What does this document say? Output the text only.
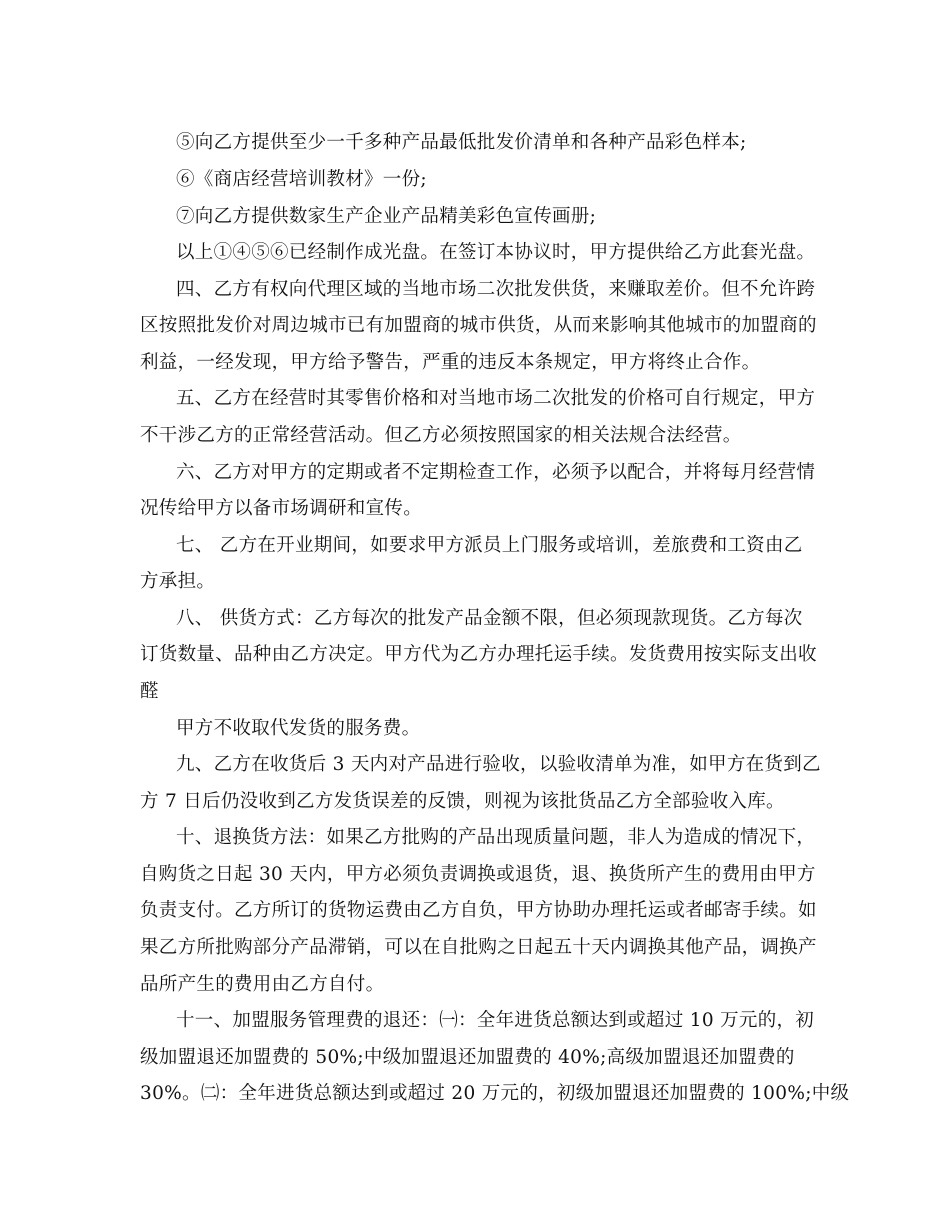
⑤向乙方提供至少一千多种产品最低批发价清单和各种产品彩色样本;
⑥《商店经营培训教材》一份;
⑦向乙方提供数家生产企业产品精美彩色宣传画册;
以上①④⑤⑥已经制作成光盘。在签订本协议时，甲方提供给乙方此套光盘。
四、乙方有权向代理区域的当地市场二次批发供货，来赚取差价。但不允许跨
区按照批发价对周边城市已有加盟商的城市供货，从而来影响其他城市的加盟商的
利益，一经发现，甲方给予警告，严重的违反本条规定，甲方将终止合作。
五、乙方在经营时其零售价格和对当地市场二次批发的价格可自行规定，甲方
不干涉乙方的正常经营活动。但乙方必须按照国家的相关法规合法经营。
六、乙方对甲方的定期或者不定期检查工作，必须予以配合，并将每月经营情
况传给甲方以备市场调研和宣传。
七、 乙方在开业期间，如要求甲方派员上门服务或培训，差旅费和工资由乙
方承担。
八、 供货方式：乙方每次的批发产品金额不限，但必须现款现货。乙方每次
订货数量、品种由乙方决定。甲方代为乙方办理托运手续。发货费用按实际支出收
醛
甲方不收取代发货的服务费。
九、乙方在收货后 3 天内对产品进行验收，以验收清单为准，如甲方在货到乙
方 7 日后仍没收到乙方发货误差的反馈，则视为该批货品乙方全部验收入库。
十、退换货方法：如果乙方批购的产品出现质量问题，非人为造成的情况下，
自购货之日起 30 天内，甲方必须负责调换或退货，退、换货所产生的费用由甲方
负责支付。乙方所订的货物运费由乙方自负，甲方协助办理托运或者邮寄手续。如
果乙方所批购部分产品滞销，可以在自批购之日起五十天内调换其他产品，调换产
品所产生的费用由乙方自付。
十一、加盟服务管理费的退还：㈠：全年进货总额达到或超过 10 万元的，初
级加盟退还加盟费的 50%;中级加盟退还加盟费的 40%;高级加盟退还加盟费的
30%。㈡：全年进货总额达到或超过 20 万元的，初级加盟退还加盟费的 100%;中级
